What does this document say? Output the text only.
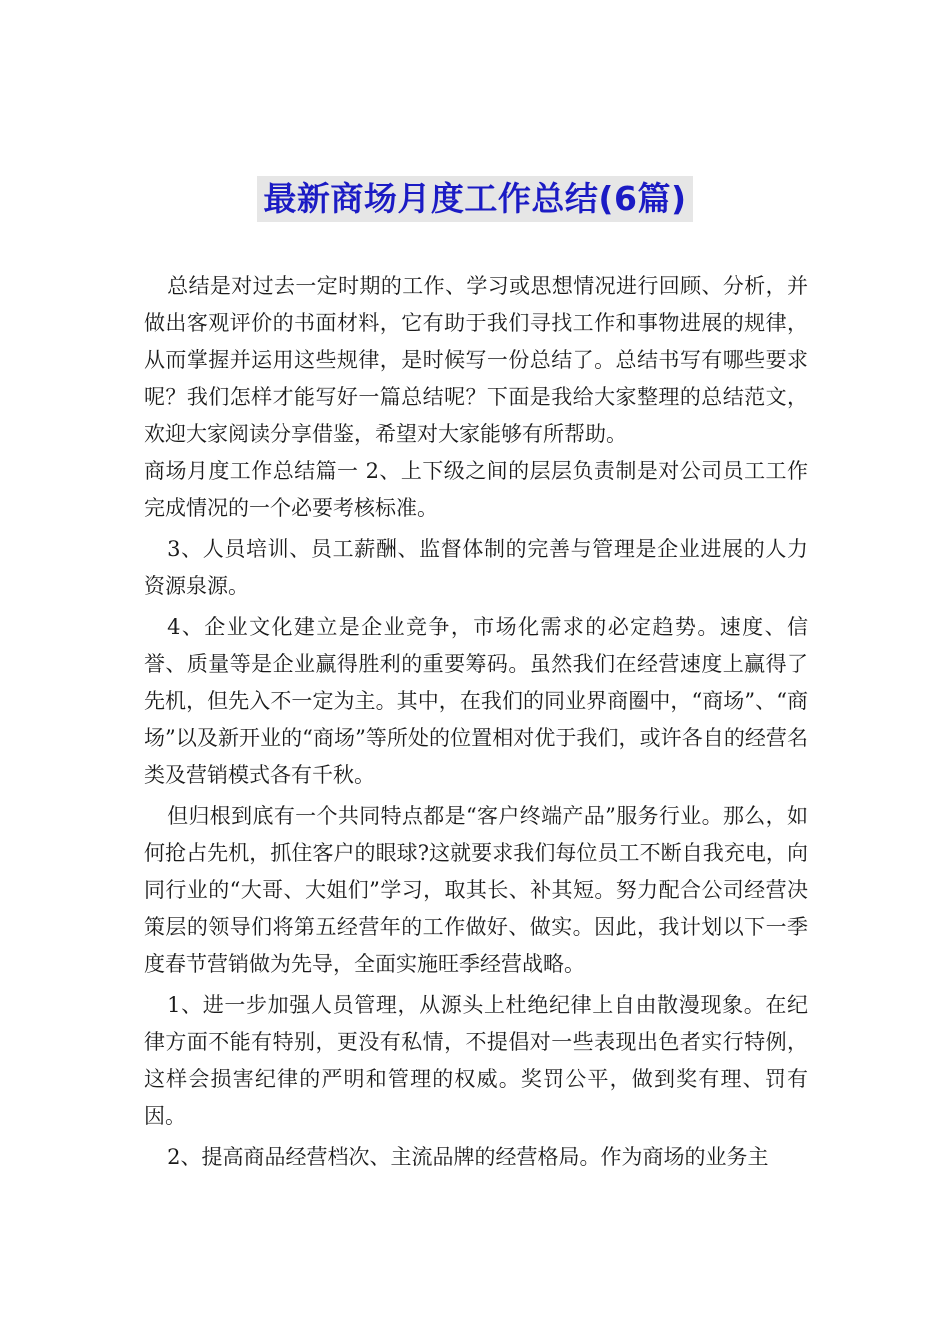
最新商场月度工作总结(6篇)

总结是对过去一定时期的工作、学习或思想情况进行回顾、分析，并做出客观评价的书面材料，它有助于我们寻找工作和事物进展的规律，从而掌握并运用这些规律，是时候写一份总结了。总结书写有哪些要求呢？我们怎样才能写好一篇总结呢？下面是我给大家整理的总结范文，欢迎大家阅读分享借鉴，希望对大家能够有所帮助。

商场月度工作总结篇一 2、上下级之间的层层负责制是对公司员工工作完成情况的一个必要考核标准。

3、人员培训、员工薪酬、监督体制的完善与管理是企业进展的人力资源泉源。

4、企业文化建立是企业竞争，市场化需求的必定趋势。速度、信誉、质量等是企业赢得胜利的重要筹码。虽然我们在经营速度上赢得了先机，但先入不一定为主。其中，在我们的同业界商圈中，“商场”、“商场”以及新开业的“商场”等所处的位置相对优于我们，或许各自的经营名类及营销模式各有千秋。

但归根到底有一个共同特点都是“客户终端产品”服务行业。那么，如何抢占先机，抓住客户的眼球?这就要求我们每位员工不断自我充电，向同行业的“大哥、大姐们”学习，取其长、补其短。努力配合公司经营决策层的领导们将第五经营年的工作做好、做实。因此，我计划以下一季度春节营销做为先导，全面实施旺季经营战略。

1、进一步加强人员管理，从源头上杜绝纪律上自由散漫现象。在纪律方面不能有特别，更没有私情，不提倡对一些表现出色者实行特例，这样会损害纪律的严明和管理的权威。奖罚公平，做到奖有理、罚有因。

2、提高商品经营档次、主流品牌的经营格局。作为商场的业务主
